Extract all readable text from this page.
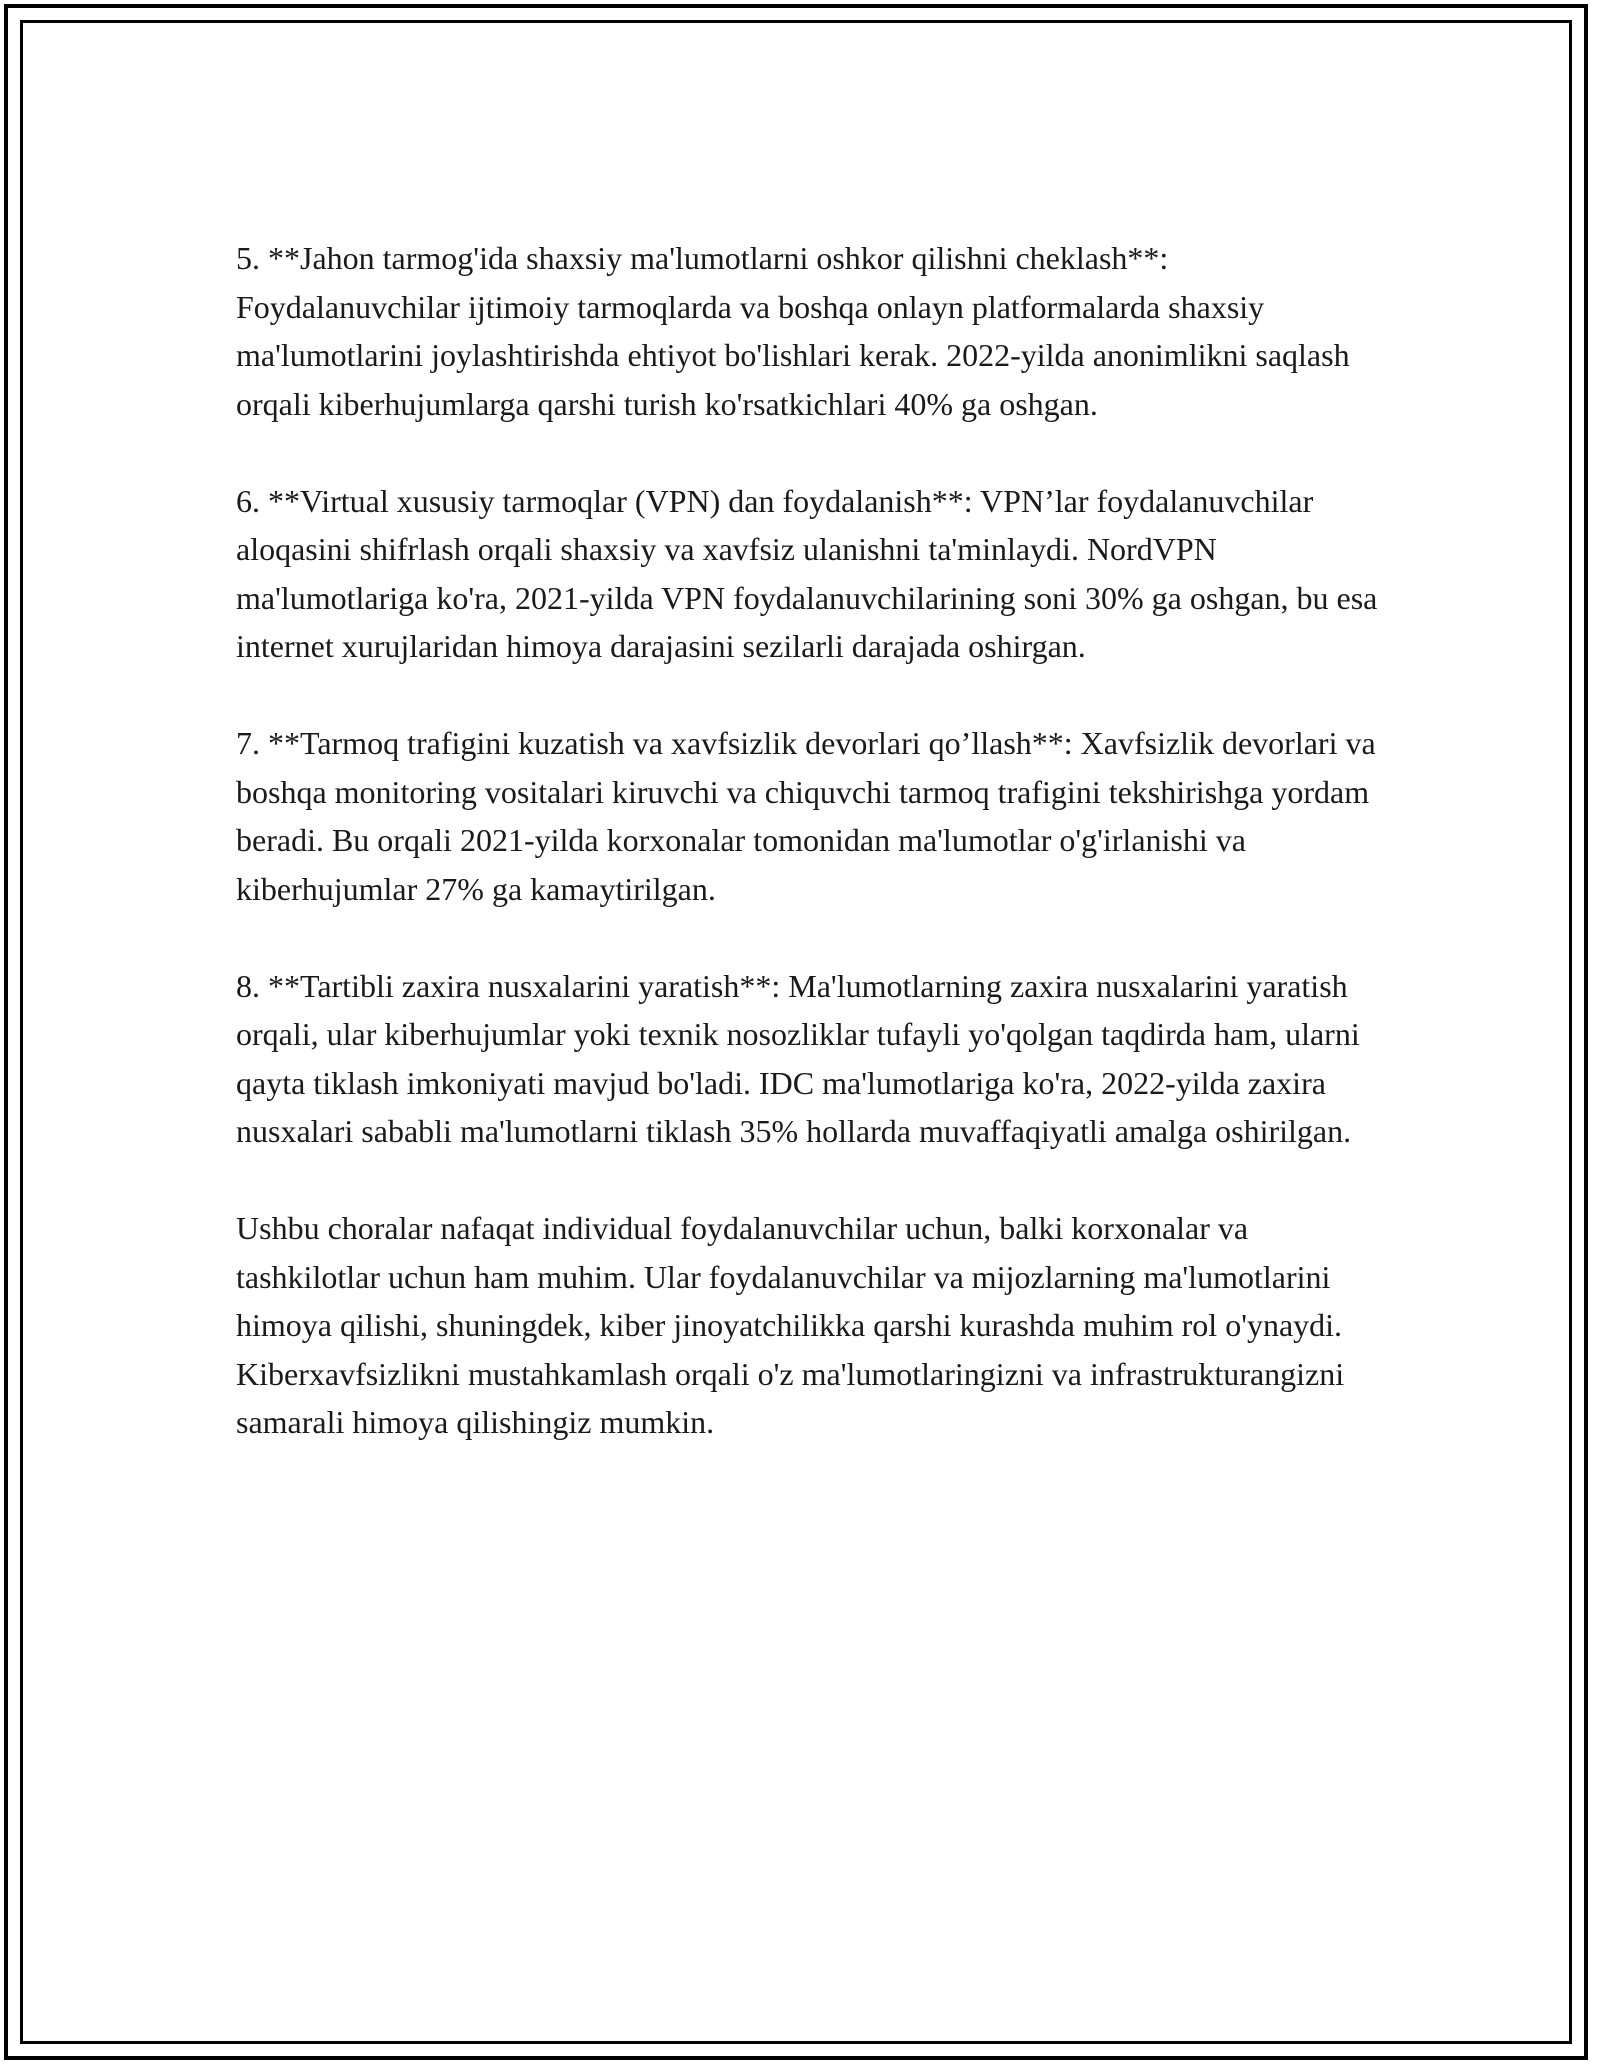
5. **Jahon tarmog'ida shaxsiy ma'lumotlarni oshkor qilishni cheklash**: Foydalanuvchilar ijtimoiy tarmoqlarda va boshqa onlayn platformalarda shaxsiy ma'lumotlarini joylashtirishda ehtiyot bo'lishlari kerak. 2022-yilda anonimlikni saqlash orqali kiberhujumlarga qarshi turish ko'rsatkichlari 40% ga oshgan.

6. **Virtual xususiy tarmoqlar (VPN) dan foydalanish**: VPN’lar foydalanuvchilar aloqasini shifrlash orqali shaxsiy va xavfsiz ulanishni ta'minlaydi. NordVPN ma'lumotlariga ko'ra, 2021-yilda VPN foydalanuvchilarining soni 30% ga oshgan, bu esa internet xurujlaridan himoya darajasini sezilarli darajada oshirgan.

7. **Tarmoq trafigini kuzatish va xavfsizlik devorlari qo’llash**: Xavfsizlik devorlari va boshqa monitoring vositalari kiruvchi va chiquvchi tarmoq trafigini tekshirishga yordam beradi. Bu orqali 2021-yilda korxonalar tomonidan ma'lumotlar o'g'irlanishi va kiberhujumlar 27% ga kamaytirilgan.

8. **Tartibli zaxira nusxalarini yaratish**: Ma'lumotlarning zaxira nusxalarini yaratish orqali, ular kiberhujumlar yoki texnik nosozliklar tufayli yo'qolgan taqdirda ham, ularni qayta tiklash imkoniyati mavjud bo'ladi. IDC ma'lumotlariga ko'ra, 2022-yilda zaxira nusxalari sababli ma'lumotlarni tiklash 35% hollarda muvaffaqiyatli amalga oshirilgan.

Ushbu choralar nafaqat individual foydalanuvchilar uchun, balki korxonalar va tashkilotlar uchun ham muhim. Ular foydalanuvchilar va mijozlarning ma'lumotlarini himoya qilishi, shuningdek, kiber jinoyatchilikka qarshi kurashda muhim rol o'ynaydi. Kiberxavfsizlikni mustahkamlash orqali o'z ma'lumotlaringizni va infrastrukturangizni samarali himoya qilishingiz mumkin.
